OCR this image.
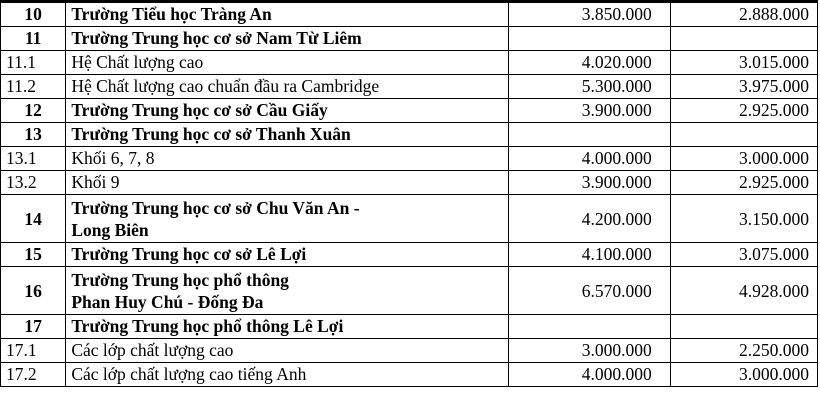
10	Trường Tiểu học Tràng An	3.850.000	2.888.000
11	Trường Trung học cơ sở Nam Từ Liêm		

11.1	Hệ Chất lượng cao	4.020.000	3.015.000
11.2	Hệ Chất lượng cao chuẩn đầu ra Cambridge	5.300.000	3.975.000
12	Trường Trung học cơ sở Cầu Giấy	3.900.000	2.925.000
13	Trường Trung học cơ sở Thanh Xuân		

13.1	Khối 6, 7, 8	4.000.000	3.000.000
13.2	Khối 9	3.900.000	2.925.000
14	Trường Trung học cơ sở Chu Văn An -
Long Biên	4.200.000	3.150.000
15	Trường Trung học cơ sở Lê Lợi	4.100.000	3.075.000
16	Trường Trung học phổ thông
Phan Huy Chú - Đống Đa	6.570.000	4.928.000
17	Trường Trung học phổ thông Lê Lợi		

17.1	Các lớp chất lượng cao	3.000.000	2.250.000
17.2	Các lớp chất lượng cao tiếng Anh	4.000.000	3.000.000
